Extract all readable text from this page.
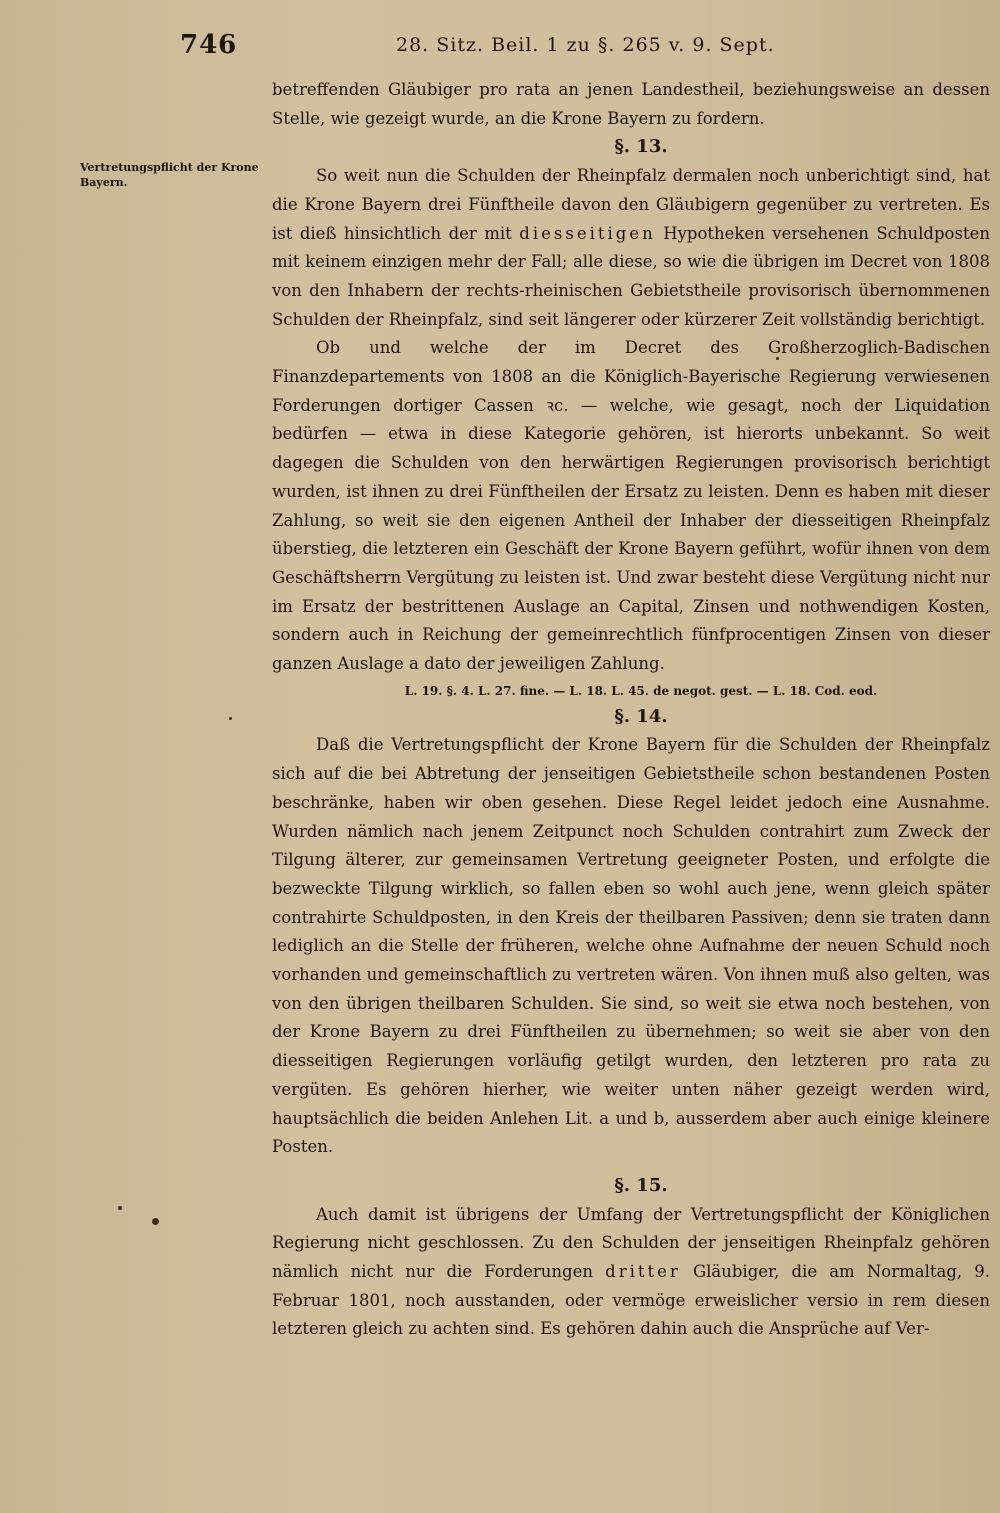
746	28. Sitz. Beil. 1 zu §. 265 v. 9. Sept.
Vertretungspflicht der Krone Bayern.

betreffenden Gläubiger pro rata an jenen Landestheil, beziehungsweise an dessen Stelle, wie gezeigt wurde, an die Krone Bayern zu fordern.

§. 13.

So weit nun die Schulden der Rheinpfalz dermalen noch unberichtigt sind, hat die Krone Bayern drei Fünftheile davon den Gläubigern gegenüber zu vertreten. Es ist dieß hinsichtlich der mit diesseitigen Hypotheken versehenen Schuldposten mit keinem einzigen mehr der Fall; alle diese, so wie die übrigen im Decret von 1808 von den Inhabern der rechts-rheinischen Gebietstheile provisorisch übernommenen Schulden der Rheinpfalz, sind seit längerer oder kürzerer Zeit vollständig berichtigt.

Ob und welche der im Decret des Großherzoglich-Badischen Finanzdepartements von 1808 an die Königlich-Bayerische Regierung verwiesenen Forderungen dortiger Cassen ꝛc. — welche, wie gesagt, noch der Liquidation bedürfen — etwa in diese Kategorie gehören, ist hierorts unbekannt. So weit dagegen die Schulden von den herwärtigen Regierungen provisorisch berichtigt wurden, ist ihnen zu drei Fünftheilen der Ersatz zu leisten. Denn es haben mit dieser Zahlung, so weit sie den eigenen Antheil der Inhaber der diesseitigen Rheinpfalz überstieg, die letzteren ein Geschäft der Krone Bayern geführt, wofür ihnen von dem Geschäftsherrn Vergütung zu leisten ist. Und zwar besteht diese Vergütung nicht nur im Ersatz der bestrittenen Auslage an Capital, Zinsen und nothwendigen Kosten, sondern auch in Reichung der gemeinrechtlich fünfprocentigen Zinsen von dieser ganzen Auslage a dato der jeweiligen Zahlung.

L. 19. §. 4. L. 27. fine. — L. 18. L. 45. de negot. gest. — L. 18. Cod. eod.
§. 14.

Daß die Vertretungspflicht der Krone Bayern für die Schulden der Rheinpfalz sich auf die bei Abtretung der jenseitigen Gebietstheile schon bestandenen Posten beschränke, haben wir oben gesehen. Diese Regel leidet jedoch eine Ausnahme. Wurden nämlich nach jenem Zeitpunct noch Schulden contrahirt zum Zweck der Tilgung älterer, zur gemeinsamen Vertretung geeigneter Posten, und erfolgte die bezweckte Tilgung wirklich, so fallen eben so wohl auch jene, wenn gleich später contrahirte Schuldposten, in den Kreis der theilbaren Passiven; denn sie traten dann lediglich an die Stelle der früheren, welche ohne Aufnahme der neuen Schuld noch vorhanden und gemeinschaftlich zu vertreten wären. Von ihnen muß also gelten, was von den übrigen theilbaren Schulden. Sie sind, so weit sie etwa noch bestehen, von der Krone Bayern zu drei Fünftheilen zu übernehmen; so weit sie aber von den diesseitigen Regierungen vorläufig getilgt wurden, den letzteren pro rata zu vergüten. Es gehören hierher, wie weiter unten näher gezeigt werden wird, hauptsächlich die beiden Anlehen Lit. a und b, ausserdem aber auch einige kleinere Posten.

§. 15.

Auch damit ist übrigens der Umfang der Vertretungspflicht der Königlichen Regierung nicht geschlossen. Zu den Schulden der jenseitigen Rheinpfalz gehören nämlich nicht nur die Forderungen dritter Gläubiger, die am Normaltag, 9. Februar 1801, noch ausstanden, oder vermöge erweislicher versio in rem diesen letzteren gleich zu achten sind. Es gehören dahin auch die Ansprüche auf Ver-
